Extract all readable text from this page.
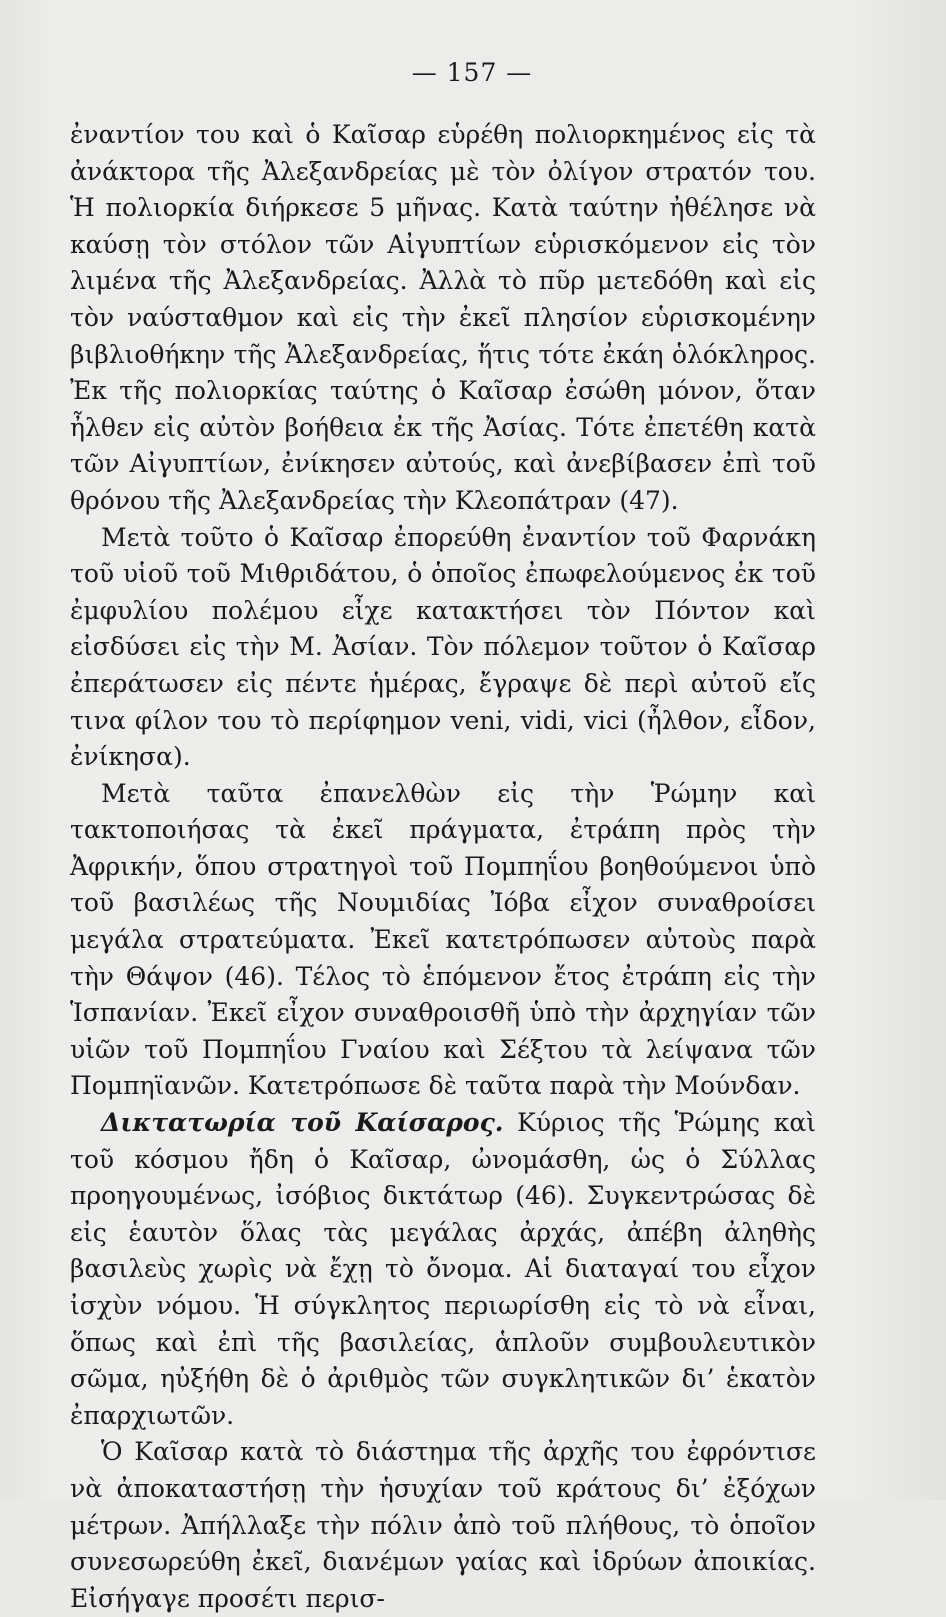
— 157 —

ἐναντίον του καὶ ὁ Καῖσαρ εὑρέθη πολιορκημένος εἰς τὰ ἀνάκτορα τῆς Ἀλεξανδρείας μὲ τὸν ὀλίγον στρατόν του. Ἡ πολιορκία διήρκεσε 5 μῆνας. Κατὰ ταύτην ἠθέλησε νὰ καύσῃ τὸν στόλον τῶν Αἰγυπτίων εὑρισκόμενον εἰς τὸν λιμένα τῆς Ἀλεξανδρείας. Ἀλλὰ τὸ πῦρ μετεδόθη καὶ εἰς τὸν ναύσταθμον καὶ εἰς τὴν ἐκεῖ πλησίον εὑρισκομένην βιβλιοθήκην τῆς Ἀλεξανδρείας, ἥτις τότε ἐκάη ὁλόκληρος. Ἐκ τῆς πολιορκίας ταύτης ὁ Καῖσαρ ἐσώθη μόνον, ὅταν ἦλθεν εἰς αὐτὸν βοήθεια ἐκ τῆς Ἀσίας. Τότε ἐπετέθη κατὰ τῶν Αἰγυπτίων, ἐνίκησεν αὐτούς, καὶ ἀνεβίβασεν ἐπὶ τοῦ θρόνου τῆς Ἀλεξανδρείας τὴν Κλεοπάτραν (47).

Μετὰ τοῦτο ὁ Καῖσαρ ἐπορεύθη ἐναντίον τοῦ Φαρνάκη τοῦ υἱοῦ τοῦ Μιθριδάτου, ὁ ὁποῖος ἐπωφελούμενος ἐκ τοῦ ἐμφυλίου πολέμου εἶχε κατακτήσει τὸν Πόντον καὶ εἰσδύσει εἰς τὴν Μ. Ἀσίαν. Τὸν πόλεμον τοῦτον ὁ Καῖσαρ ἐπεράτωσεν εἰς πέντε ἡμέρας, ἔγραψε δὲ περὶ αὐτοῦ εἴς τινα φίλον του τὸ περίφημον veni, vidi, vici (ἦλθον, εἶδον, ἐνίκησα).

Μετὰ ταῦτα ἐπανελθὼν εἰς τὴν Ῥώμην καὶ τακτοποιήσας τὰ ἐκεῖ πράγματα, ἐτράπη πρὸς τὴν Ἀφρικήν, ὅπου στρατηγοὶ τοῦ Πομπηΐου βοηθούμενοι ὑπὸ τοῦ βασιλέως τῆς Νουμιδίας Ἰόβα εἶχον συναθροίσει μεγάλα στρατεύματα. Ἐκεῖ κατετρόπωσεν αὐτοὺς παρὰ τὴν Θάψον (46). Τέλος τὸ ἑπόμενον ἔτος ἐτράπη εἰς τὴν Ἱσπανίαν. Ἐκεῖ εἶχον συναθροισθῆ ὑπὸ τὴν ἀρχηγίαν τῶν υἱῶν τοῦ Πομπηΐου Γναίου καὶ Σέξτου τὰ λείψανα τῶν Πομπηϊανῶν. Κατετρόπωσε δὲ ταῦτα παρὰ τὴν Μούνδαν.

Δικτατωρία τοῦ Καίσαρος. Κύριος τῆς Ῥώμης καὶ τοῦ κόσμου ἤδη ὁ Καῖσαρ, ὠνομάσθη, ὡς ὁ Σύλλας προηγουμένως, ἰσόβιος δικτάτωρ (46). Συγκεντρώσας δὲ εἰς ἑαυτὸν ὅλας τὰς μεγάλας ἀρχάς, ἀπέβη ἀληθὴς βασιλεὺς χωρὶς νὰ ἔχῃ τὸ ὄνομα. Αἱ διαταγαί του εἶχον ἰσχὺν νόμου. Ἡ σύγκλητος περιωρίσθη εἰς τὸ νὰ εἶναι, ὅπως καὶ ἐπὶ τῆς βασιλείας, ἁπλοῦν συμβουλευτικὸν σῶμα, ηὐξήθη δὲ ὁ ἀριθμὸς τῶν συγκλητικῶν δι’ ἑκατὸν ἐπαρχιωτῶν.

Ὁ Καῖσαρ κατὰ τὸ διάστημα τῆς ἀρχῆς του ἐφρόντισε νὰ ἀποκαταστήσῃ τὴν ἡσυχίαν τοῦ κράτους δι’ ἐξόχων μέτρων. Ἀπήλλαξε τὴν πόλιν ἀπὸ τοῦ πλήθους, τὸ ὁποῖον συνεσωρεύθη ἐκεῖ, διανέμων γαίας καὶ ἱδρύων ἀποικίας. Εἰσήγαγε προσέτι περισ-
